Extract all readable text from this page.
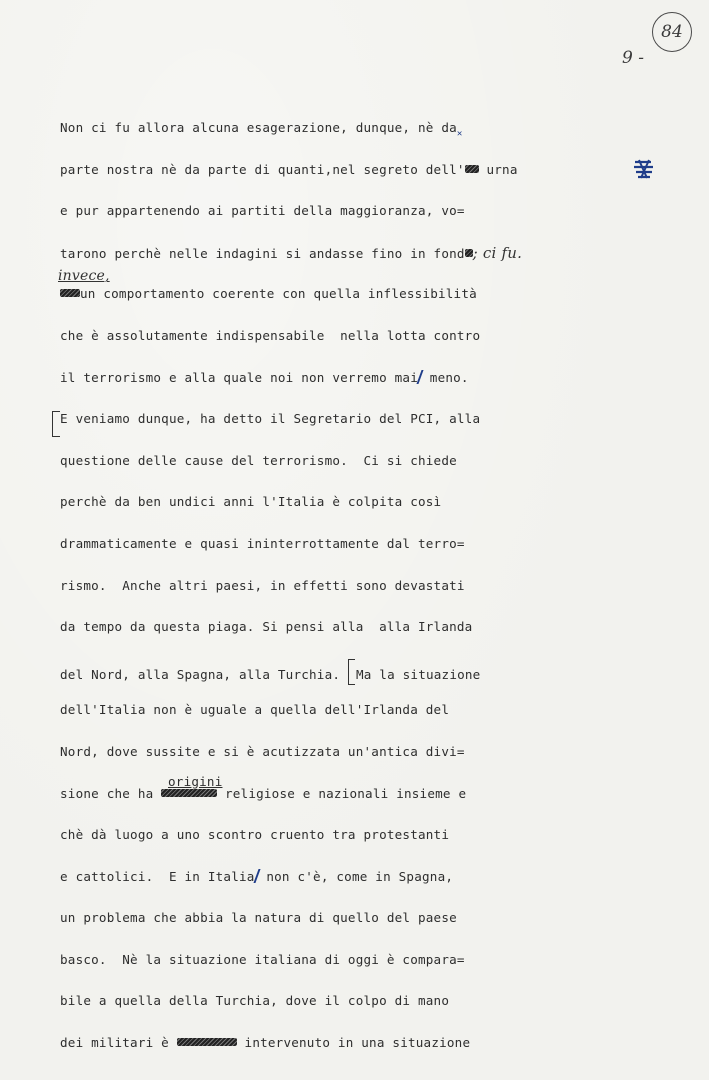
84
9 -
Non ci fu allora alcuna esagerazione, dunque, nè da✕
parte nostra nè da parte di quanti,nel segreto dell' urna
e pur appartenendo ai partiti della maggioranza, vo=
tarono perchè nelle indagini si andasse fino in fond ; ci fu.
invece,
un comportamento coerente con quella inflessibilità
che è assolutamente indispensabile  nella lotta contro
il terrorismo e alla quale noi non verremo mai meno.
E veniamo dunque, ha detto il Segretario del PCI, alla
questione delle cause del terrorismo.  Ci si chiede
perchè da ben undici anni l'Italia è colpita così
drammaticamente e quasi ininterrottamente dal terro=
rismo.  Anche altri paesi, in effetti sono devastati
da tempo da questa piaga. Si pensi alla  alla Irlanda
del Nord, alla Spagna, alla Turchia. Ma la situazione
dell'Italia non è uguale a quella dell'Irlanda del
Nord, dove sussite e si è acutizzata un'antica divi=
origini
sione che ha	religiose e nazionali insieme e
chè dà luogo a uno scontro cruento tra protestanti
e cattolici.  E in Italia non c'è, come in Spagna,
un problema che abbia la natura di quello del paese
basco.  Nè la situazione italiana di oggi è compara=
bile a quella della Turchia, dove il colpo di mano
dei militari è	intervenuto in una situazione
